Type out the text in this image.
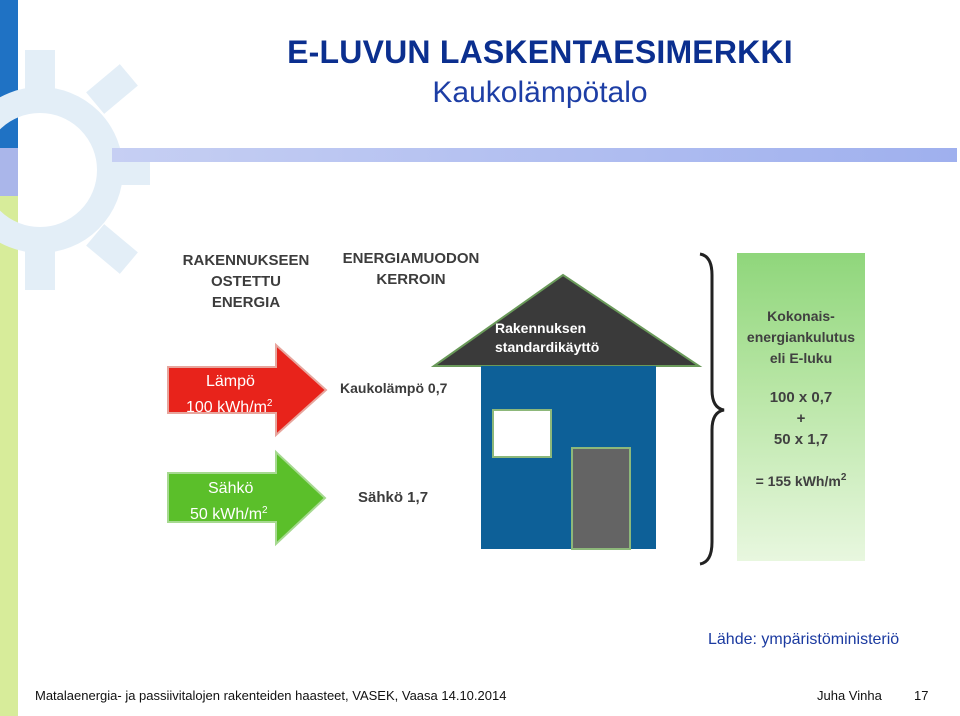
E-LUVUN LASKENTAESIMERKKI
Kaukolämpötalo
RAKENNUKSEEN
OSTETTU
ENERGIA
ENERGIAMUODON
KERROIN
Lämpö
100 kWh/$m^2$
Sähkö
50 kWh/$m^2$
Kaukolämpö 0,7
Sähkö 1,7
Rakennuksen
standardikäyttö
Kokonais-
energiankulutus
eli E-luku
100 x 0,7
+
50 x 1,7
= 155 kWh/$m^2$
Lähde: ympäristöministeriö
Matalaenergia- ja passiivitalojen rakenteiden haasteet, VASEK, Vaasa 14.10.2014	Juha Vinha 17
